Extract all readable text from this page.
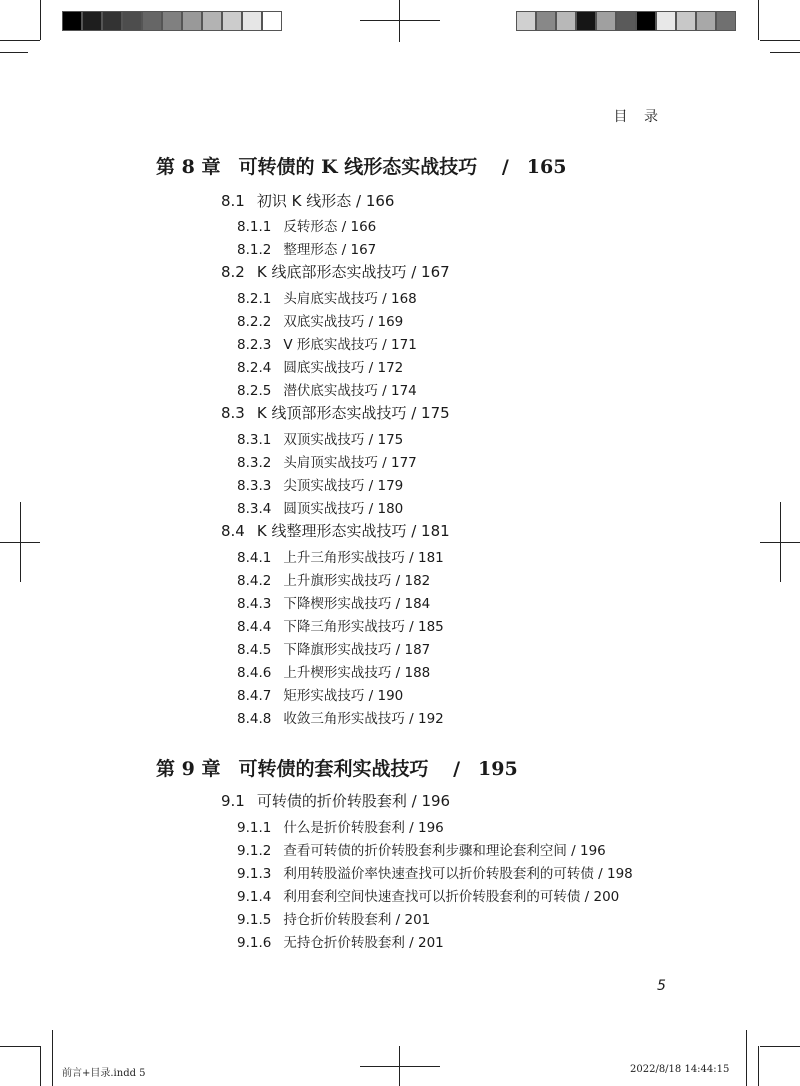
目 录
第 8 章 可转债的 K 线形态实战技巧 / 165
8.1 初识 K 线形态 / 166
8.1.1 反转形态 / 166
8.1.2 整理形态 / 167
8.2 K 线底部形态实战技巧 / 167
8.2.1 头肩底实战技巧 / 168
8.2.2 双底实战技巧 / 169
8.2.3 V 形底实战技巧 / 171
8.2.4 圆底实战技巧 / 172
8.2.5 潜伏底实战技巧 / 174
8.3 K 线顶部形态实战技巧 / 175
8.3.1 双顶实战技巧 / 175
8.3.2 头肩顶实战技巧 / 177
8.3.3 尖顶实战技巧 / 179
8.3.4 圆顶实战技巧 / 180
8.4 K 线整理形态实战技巧 / 181
8.4.1 上升三角形实战技巧 / 181
8.4.2 上升旗形实战技巧 / 182
8.4.3 下降楔形实战技巧 / 184
8.4.4 下降三角形实战技巧 / 185
8.4.5 下降旗形实战技巧 / 187
8.4.6 上升楔形实战技巧 / 188
8.4.7 矩形实战技巧 / 190
8.4.8 收敛三角形实战技巧 / 192
第 9 章 可转债的套利实战技巧 / 195
9.1 可转债的折价转股套利 / 196
9.1.1 什么是折价转股套利 / 196
9.1.2 查看可转债的折价转股套利步骤和理论套利空间 / 196
9.1.3 利用转股溢价率快速查找可以折价转股套利的可转债 / 198
9.1.4 利用套利空间快速查找可以折价转股套利的可转债 / 200
9.1.5 持仓折价转股套利 / 201
9.1.6 无持仓折价转股套利 / 201
5
前言+目录.indd 5	2022/8/18 14:44:15
